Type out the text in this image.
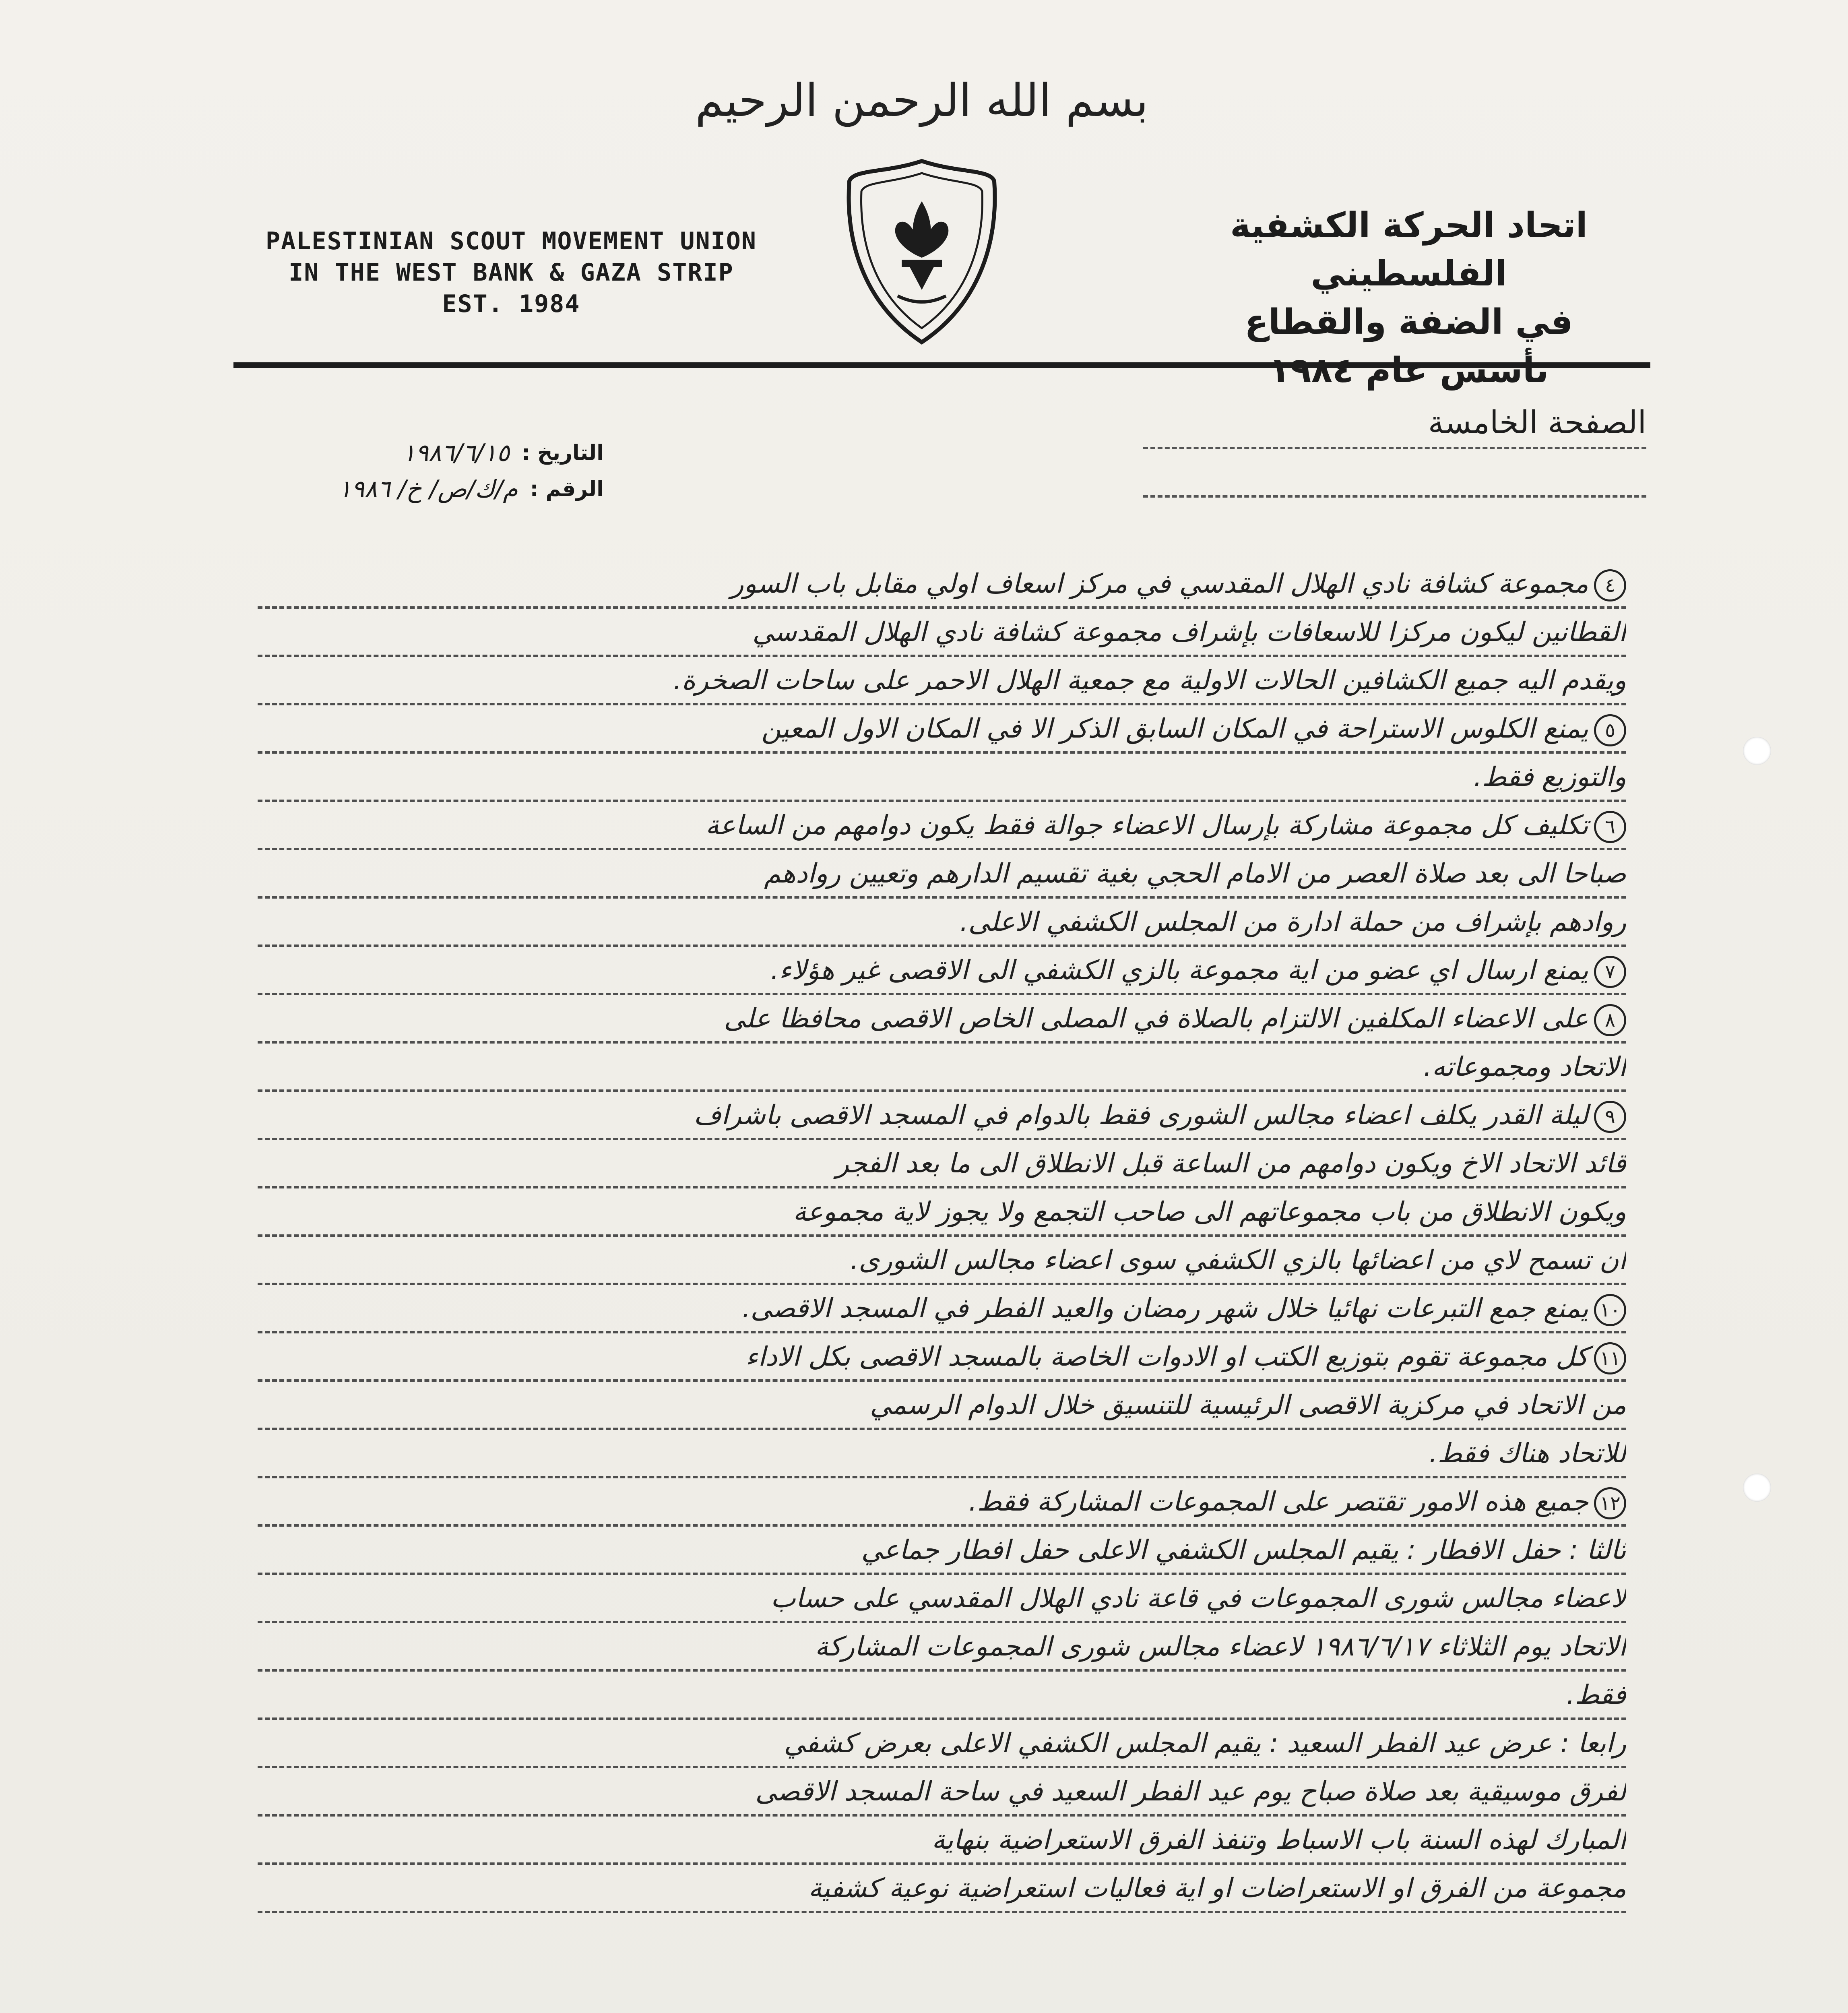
بسم الله الرحمن الرحيم
PALESTINIAN SCOUT MOVEMENT UNION
IN THE WEST BANK & GAZA STRIP
EST. 1984
اتحاد الحركة الكشفية الفلسطيني
في الضفة والقطاع
تأسس عام ١٩٨٤
الصفحة الخامسة
التاريخ :
١٩٨٦/٦/١٥
الرقم :
م/ك/ص/ خ/ ١٩٨٦
٤مجموعة كشافة نادي الهلال المقدسي في مركز اسعاف اولي مقابل باب السور
القطانين ليكون مركزا للاسعافات بإشراف مجموعة كشافة نادي الهلال المقدسي
ويقدم اليه جميع الكشافين الحالات الاولية مع جمعية الهلال الاحمر على ساحات الصخرة.
٥يمنع الكلوس الاستراحة في المكان السابق الذكر الا في المكان الاول المعين
والتوزيع فقط.
٦تكليف كل مجموعة مشاركة بإرسال الاعضاء جوالة فقط يكون دوامهم من الساعة
صباحا الى بعد صلاة العصر من الامام الحجي بغية تقسيم الدارهم وتعيين روادهم
روادهم بإشراف من حملة ادارة من المجلس الكشفي الاعلى.
٧يمنع ارسال اي عضو من اية مجموعة بالزي الكشفي الى الاقصى غير هؤلاء.
٨على الاعضاء المكلفين الالتزام بالصلاة في المصلى الخاص الاقصى محافظا على
الاتحاد ومجموعاته.
٩ليلة القدر يكلف اعضاء مجالس الشورى فقط بالدوام في المسجد الاقصى باشراف
قائد الاتحاد الاخ ويكون دوامهم من الساعة قبل الانطلاق الى ما بعد الفجر
ويكون الانطلاق من باب مجموعاتهم الى صاحب التجمع ولا يجوز لاية مجموعة
ان تسمح لاي من اعضائها بالزي الكشفي سوى اعضاء مجالس الشورى.
١٠يمنع جمع التبرعات نهائيا خلال شهر رمضان والعيد الفطر في المسجد الاقصى.
١١كل مجموعة تقوم بتوزيع الكتب او الادوات الخاصة بالمسجد الاقصى بكل الاداء
من الاتحاد في مركزية الاقصى الرئيسية للتنسيق خلال الدوام الرسمي
للاتحاد هناك فقط.
١٢جميع هذه الامور تقتصر على المجموعات المشاركة فقط.
ثالثا : حفل الافطار : يقيم المجلس الكشفي الاعلى حفل افطار جماعي
لاعضاء مجالس شورى المجموعات في قاعة نادي الهلال المقدسي على حساب
الاتحاد يوم الثلاثاء ١٩٨٦/٦/١٧ لاعضاء مجالس شورى المجموعات المشاركة
فقط.
رابعا : عرض عيد الفطر السعيد : يقيم المجلس الكشفي الاعلى بعرض كشفي
لفرق موسيقية بعد صلاة صباح يوم عيد الفطر السعيد في ساحة المسجد الاقصى
المبارك لهذه السنة باب الاسباط وتنفذ الفرق الاستعراضية بنهاية
مجموعة من الفرق او الاستعراضات او اية فعاليات استعراضية نوعية كشفية
